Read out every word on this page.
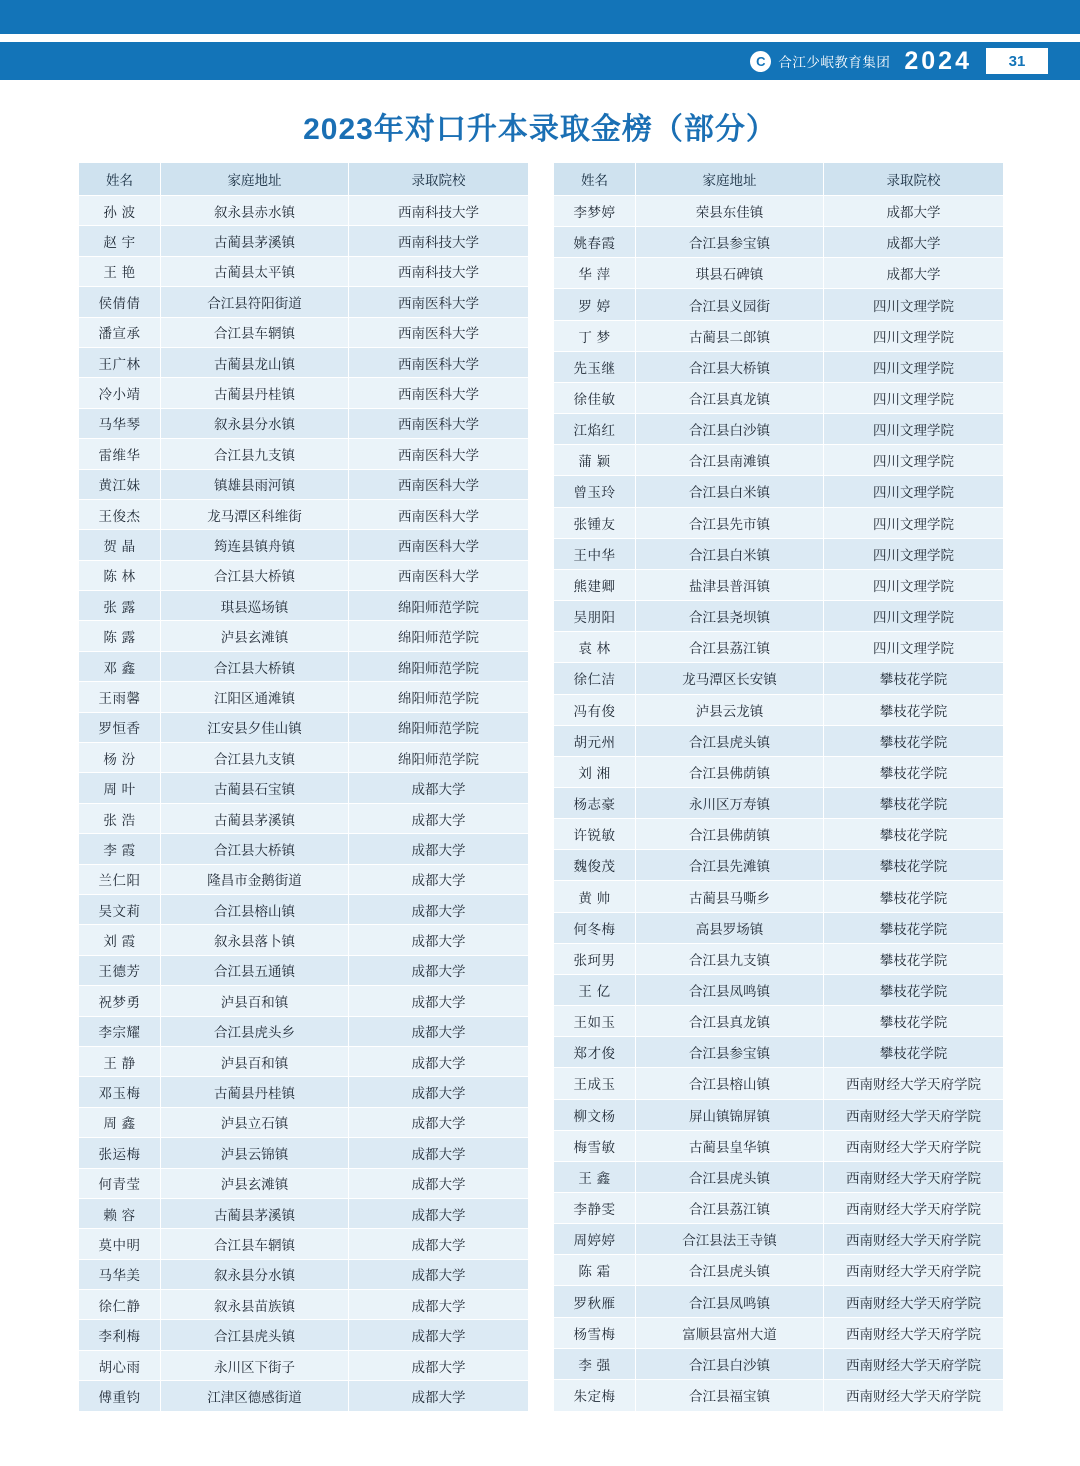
C 合江少岷教育集团 2024 31
2023年对口升本录取金榜（部分）
姓名	家庭地址	录取院校
孙 波	叙永县赤水镇	西南科技大学
赵 宇	古蔺县茅溪镇	西南科技大学
王 艳	古蔺县太平镇	西南科技大学
侯倩倩	合江县符阳街道	西南医科大学
潘宣承	合江县车辋镇	西南医科大学
王广林	古蔺县龙山镇	西南医科大学
冷小靖	古蔺县丹桂镇	西南医科大学
马华琴	叙永县分水镇	西南医科大学
雷维华	合江县九支镇	西南医科大学
黄江妹	镇雄县雨河镇	西南医科大学
王俊杰	龙马潭区科维街	西南医科大学
贺 晶	筠连县镇舟镇	西南医科大学
陈 林	合江县大桥镇	西南医科大学
张 露	琪县巡场镇	绵阳师范学院
陈 露	泸县玄滩镇	绵阳师范学院
邓 鑫	合江县大桥镇	绵阳师范学院
王雨馨	江阳区通滩镇	绵阳师范学院
罗恒香	江安县夕佳山镇	绵阳师范学院
杨 汾	合江县九支镇	绵阳师范学院
周 叶	古蔺县石宝镇	成都大学
张 浩	古蔺县茅溪镇	成都大学
李 霞	合江县大桥镇	成都大学
兰仁阳	隆昌市金鹅街道	成都大学
吴文莉	合江县榕山镇	成都大学
刘 霞	叙永县落卜镇	成都大学
王德芳	合江县五通镇	成都大学
祝梦勇	泸县百和镇	成都大学
李宗耀	合江县虎头乡	成都大学
王 静	泸县百和镇	成都大学
邓玉梅	古蔺县丹桂镇	成都大学
周 鑫	泸县立石镇	成都大学
张运梅	泸县云锦镇	成都大学
何青莹	泸县玄滩镇	成都大学
赖 容	古蔺县茅溪镇	成都大学
莫中明	合江县车辋镇	成都大学
马华美	叙永县分水镇	成都大学
徐仁静	叙永县苗族镇	成都大学
李利梅	合江县虎头镇	成都大学
胡心雨	永川区下街子	成都大学
傅重钧	江津区德感街道	成都大学
姓名	家庭地址	录取院校
李梦婷	荣县东佳镇	成都大学
姚春霞	合江县参宝镇	成都大学
华 萍	琪县石碑镇	成都大学
罗 婷	合江县义园街	四川文理学院
丁 梦	古蔺县二郎镇	四川文理学院
先玉继	合江县大桥镇	四川文理学院
徐佳敏	合江县真龙镇	四川文理学院
江焰红	合江县白沙镇	四川文理学院
蒲 颖	合江县南滩镇	四川文理学院
曾玉玲	合江县白米镇	四川文理学院
张锺友	合江县先市镇	四川文理学院
王中华	合江县白米镇	四川文理学院
熊建卿	盐津县普洱镇	四川文理学院
吴朋阳	合江县尧坝镇	四川文理学院
袁 林	合江县荔江镇	四川文理学院
徐仁洁	龙马潭区长安镇	攀枝花学院
冯有俊	泸县云龙镇	攀枝花学院
胡元州	合江县虎头镇	攀枝花学院
刘 湘	合江县佛荫镇	攀枝花学院
杨志豪	永川区万寿镇	攀枝花学院
许锐敏	合江县佛荫镇	攀枝花学院
魏俊茂	合江县先滩镇	攀枝花学院
黄 帅	古蔺县马嘶乡	攀枝花学院
何冬梅	高县罗场镇	攀枝花学院
张珂男	合江县九支镇	攀枝花学院
王 亿	合江县凤鸣镇	攀枝花学院
王如玉	合江县真龙镇	攀枝花学院
郑才俊	合江县参宝镇	攀枝花学院
王成玉	合江县榕山镇	西南财经大学天府学院
柳文杨	屏山镇锦屏镇	西南财经大学天府学院
梅雪敏	古蔺县皇华镇	西南财经大学天府学院
王 鑫	合江县虎头镇	西南财经大学天府学院
李静雯	合江县荔江镇	西南财经大学天府学院
周婷婷	合江县法王寺镇	西南财经大学天府学院
陈 霜	合江县虎头镇	西南财经大学天府学院
罗秋雁	合江县凤鸣镇	西南财经大学天府学院
杨雪梅	富顺县富州大道	西南财经大学天府学院
李 强	合江县白沙镇	西南财经大学天府学院
朱定梅	合江县福宝镇	西南财经大学天府学院
